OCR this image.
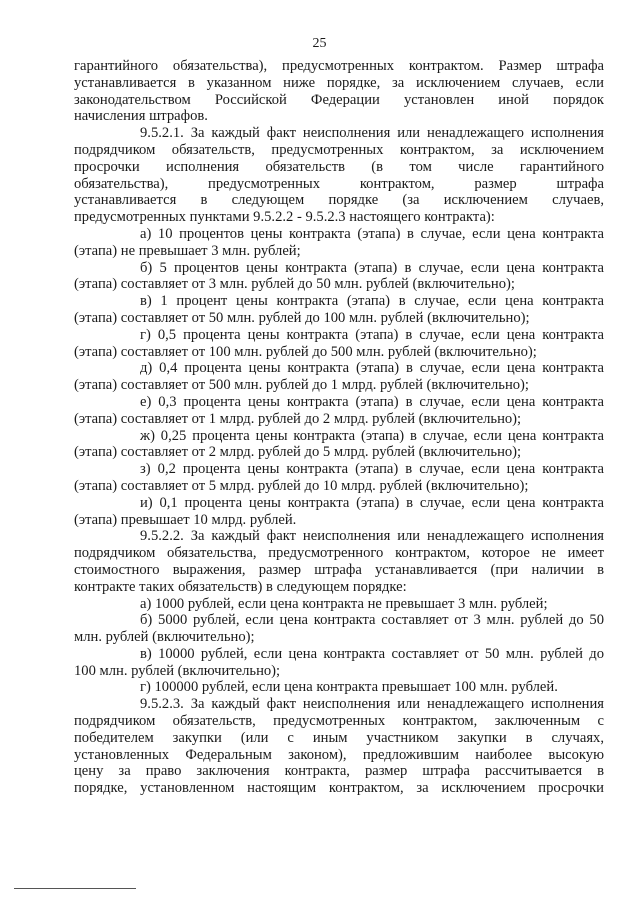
25
гарантийного обязательства), предусмотренных контрактом. Размер штрафа
устанавливается в указанном ниже порядке, за исключением случаев, если
законодательством Российской Федерации установлен иной порядок
начисления штрафов.
9.5.2.1. За каждый факт неисполнения или ненадлежащего исполнения
подрядчиком обязательств, предусмотренных контрактом, за исключением
просрочки исполнения обязательств (в том числе гарантийного
обязательства), предусмотренных контрактом, размер штрафа
устанавливается в следующем порядке (за исключением случаев,
предусмотренных пунктами 9.5.2.2 - 9.5.2.3 настоящего контракта):
а) 10 процентов цены контракта (этапа) в случае, если цена контракта
(этапа) не превышает 3 млн. рублей;
б) 5 процентов цены контракта (этапа) в случае, если цена контракта
(этапа) составляет от 3 млн. рублей до 50 млн. рублей (включительно);
в) 1 процент цены контракта (этапа) в случае, если цена контракта
(этапа) составляет от 50 млн. рублей до 100 млн. рублей (включительно);
г) 0,5 процента цены контракта (этапа) в случае, если цена контракта
(этапа) составляет от 100 млн. рублей до 500 млн. рублей (включительно);
д) 0,4 процента цены контракта (этапа) в случае, если цена контракта
(этапа) составляет от 500 млн. рублей до 1 млрд. рублей (включительно);
е) 0,3 процента цены контракта (этапа) в случае, если цена контракта
(этапа) составляет от 1 млрд. рублей до 2 млрд. рублей (включительно);
ж) 0,25 процента цены контракта (этапа) в случае, если цена контракта
(этапа) составляет от 2 млрд. рублей до 5 млрд. рублей (включительно);
з) 0,2 процента цены контракта (этапа) в случае, если цена контракта
(этапа) составляет от 5 млрд. рублей до 10 млрд. рублей (включительно);
и) 0,1 процента цены контракта (этапа) в случае, если цена контракта
(этапа) превышает 10 млрд. рублей.
9.5.2.2. За каждый факт неисполнения или ненадлежащего исполнения
подрядчиком обязательства, предусмотренного контрактом, которое не имеет
стоимостного выражения, размер штрафа устанавливается (при наличии в
контракте таких обязательств) в следующем порядке:
а) 1000 рублей, если цена контракта не превышает 3 млн. рублей;
б) 5000 рублей, если цена контракта составляет от 3 млн. рублей до 50
млн. рублей (включительно);
в) 10000 рублей, если цена контракта составляет от 50 млн. рублей до
100 млн. рублей (включительно);
г) 100000 рублей, если цена контракта превышает 100 млн. рублей.
9.5.2.3. За каждый факт неисполнения или ненадлежащего исполнения
подрядчиком обязательств, предусмотренных контрактом, заключенным с
победителем закупки (или с иным участником закупки в случаях,
установленных Федеральным законом), предложившим наиболее высокую
цену за право заключения контракта, размер штрафа рассчитывается в
порядке, установленном настоящим контрактом, за исключением просрочки
